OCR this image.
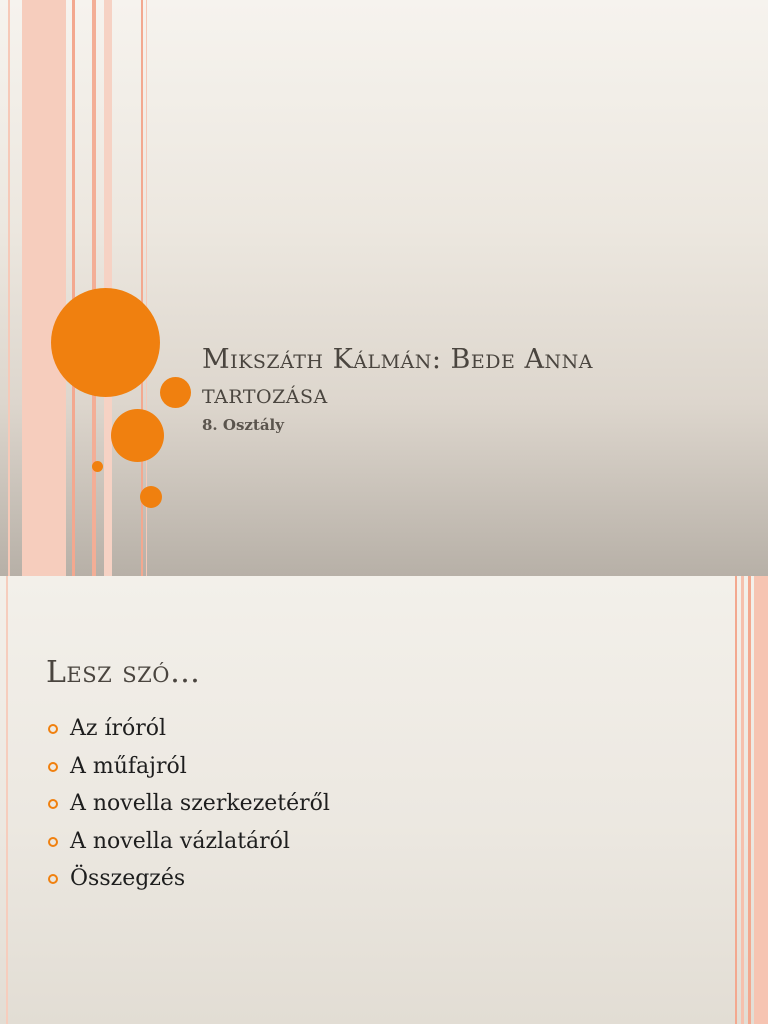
Mikszáth Kálmán: Bede Anna
tartozása
8. Osztály
Lesz szó…
Az íróról
A műfajról
A novella szerkezetéről
A novella vázlatáról
Összegzés
